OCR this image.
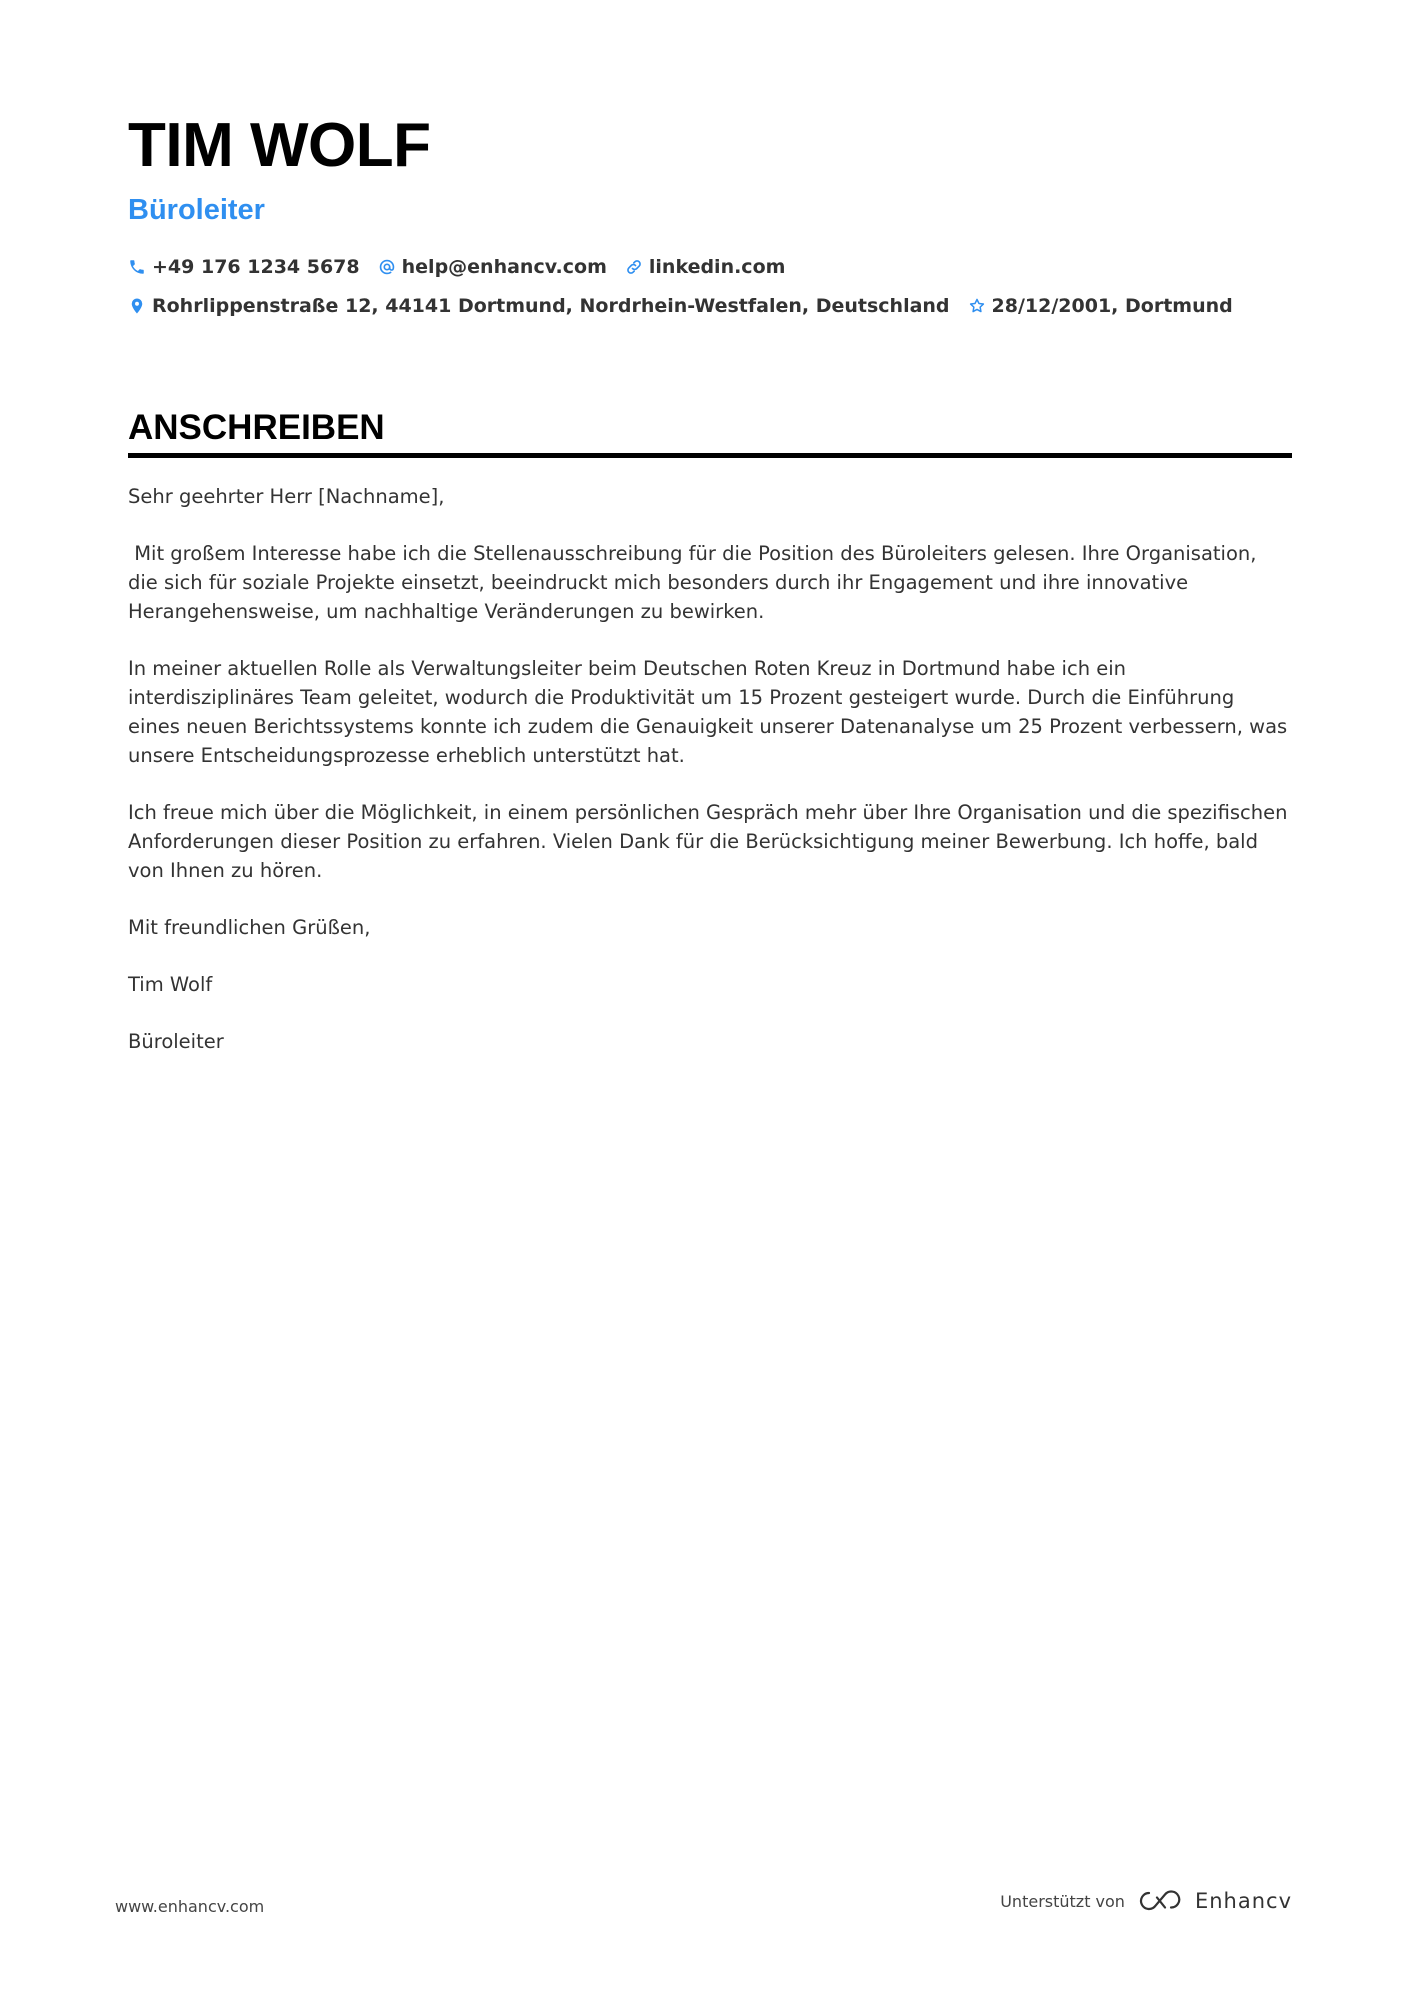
TIM WOLF
Büroleiter
+49 176 1234 5678 help@enhancv.com linkedin.com
Rohrlippenstraße 12, 44141 Dortmund, Nordrhein-Westfalen, Deutschland 28/12/2001, Dortmund
ANSCHREIBEN

Sehr geehrter Herr [Nachname],

Mit großem Interesse habe ich die Stellenausschreibung für die Position des Büroleiters gelesen. Ihre Organisation, die sich für soziale Projekte einsetzt, beeindruckt mich besonders durch ihr Engagement und ihre innovative Herangehensweise, um nachhaltige Veränderungen zu bewirken.

In meiner aktuellen Rolle als Verwaltungsleiter beim Deutschen Roten Kreuz in Dortmund habe ich ein interdisziplinäres Team geleitet, wodurch die Produktivität um 15 Prozent gesteigert wurde. Durch die Einführung eines neuen Berichtssystems konnte ich zudem die Genauigkeit unserer Datenanalyse um 25 Prozent verbessern, was unsere Entscheidungsprozesse erheblich unterstützt hat.

Ich freue mich über die Möglichkeit, in einem persönlichen Gespräch mehr über Ihre Organisation und die spezifischen Anforderungen dieser Position zu erfahren. Vielen Dank für die Berücksichtigung meiner Bewerbung. Ich hoffe, bald von Ihnen zu hören.

Mit freundlichen Grüßen,

Tim Wolf

Büroleiter

www.enhancv.com	Unterstützt von	Enhancv
